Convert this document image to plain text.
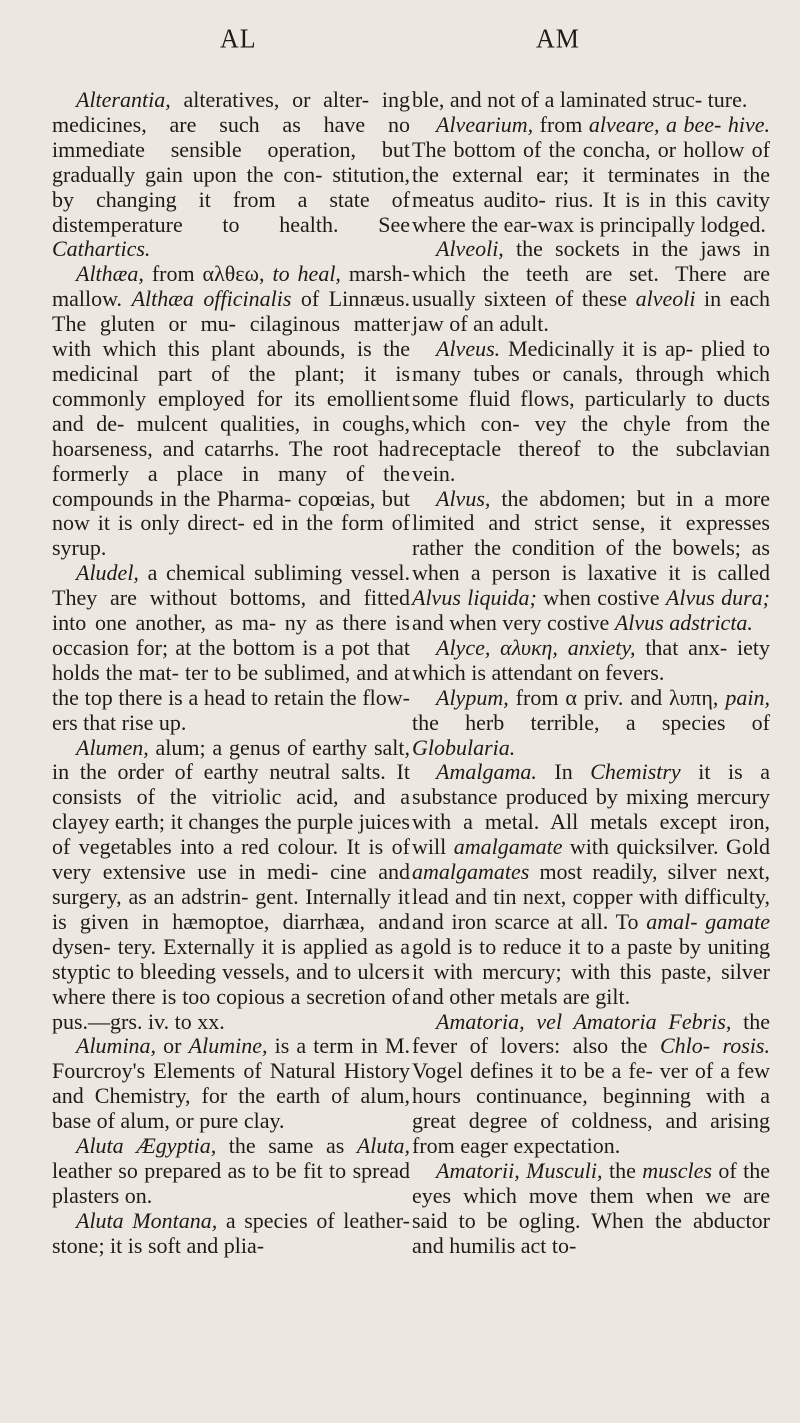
AL	AM

Alterantia, alteratives, or alter- ing medicines, are such as have no immediate sensible operation, but gradually gain upon the con- stitution, by changing it from a state of distemperature to health. See Cathartics.

Althæa, from αλθεω, to heal, marsh-mallow. Althæa officinalis of Linnæus. The gluten or mu- cilaginous matter with which this plant abounds, is the medicinal part of the plant; it is commonly employed for its emollient and de- mulcent qualities, in coughs, hoarseness, and catarrhs. The root had formerly a place in many of the compounds in the Pharma- copœias, but now it is only direct- ed in the form of syrup.

Aludel, a chemical subliming vessel. They are without bottoms, and fitted into one another, as ma- ny as there is occasion for; at the bottom is a pot that holds the mat- ter to be sublimed, and at the top there is a head to retain the flow- ers that rise up.

Alumen, alum; a genus of earthy salt, in the order of earthy neutral salts. It consists of the vitriolic acid, and a clayey earth; it changes the purple juices of vegetables into a red colour. It is of very extensive use in medi- cine and surgery, as an adstrin- gent. Internally it is given in hæmoptoe, diarrhæa, and dysen- tery. Externally it is applied as a styptic to bleeding vessels, and to ulcers where there is too copious a secretion of pus.—grs. iv. to xx.

Alumina, or Alumine, is a term in M. Fourcroy's Elements of Natural History and Chemistry, for the earth of alum, base of alum, or pure clay.

Aluta Ægyptia, the same as Aluta, leather so prepared as to be fit to spread plasters on.

Aluta Montana, a species of leather-stone; it is soft and plia-

ble, and not of a laminated struc- ture.

Alvearium, from alveare, a bee- hive. The bottom of the concha, or hollow of the external ear; it terminates in the meatus audito- rius. It is in this cavity where the ear-wax is principally lodged.

Alveoli, the sockets in the jaws in which the teeth are set. There are usually sixteen of these alveoli in each jaw of an adult.

Alveus. Medicinally it is ap- plied to many tubes or canals, through which some fluid flows, particularly to ducts which con- vey the chyle from the receptacle thereof to the subclavian vein.

Alvus, the abdomen; but in a more limited and strict sense, it expresses rather the condition of the bowels; as when a person is laxative it is called Alvus liquida; when costive Alvus dura; and when very costive Alvus adstricta.

Alyce, αλυκη, anxiety, that anx- iety which is attendant on fevers.

Alypum, from α priv. and λυπη, pain, the herb terrible, a species of Globularia.

Amalgama. In Chemistry it is a substance produced by mixing mercury with a metal. All metals except iron, will amalgamate with quicksilver. Gold amalgamates most readily, silver next, lead and tin next, copper with difficulty, and iron scarce at all. To amal- gamate gold is to reduce it to a paste by uniting it with mercury; with this paste, silver and other metals are gilt.

Amatoria, vel Amatoria Febris, the fever of lovers: also the Chlo- rosis. Vogel defines it to be a fe- ver of a few hours continuance, beginning with a great degree of coldness, and arising from eager expectation.

Amatorii, Musculi, the muscles of the eyes which move them when we are said to be ogling. When the abductor and humilis act to-
